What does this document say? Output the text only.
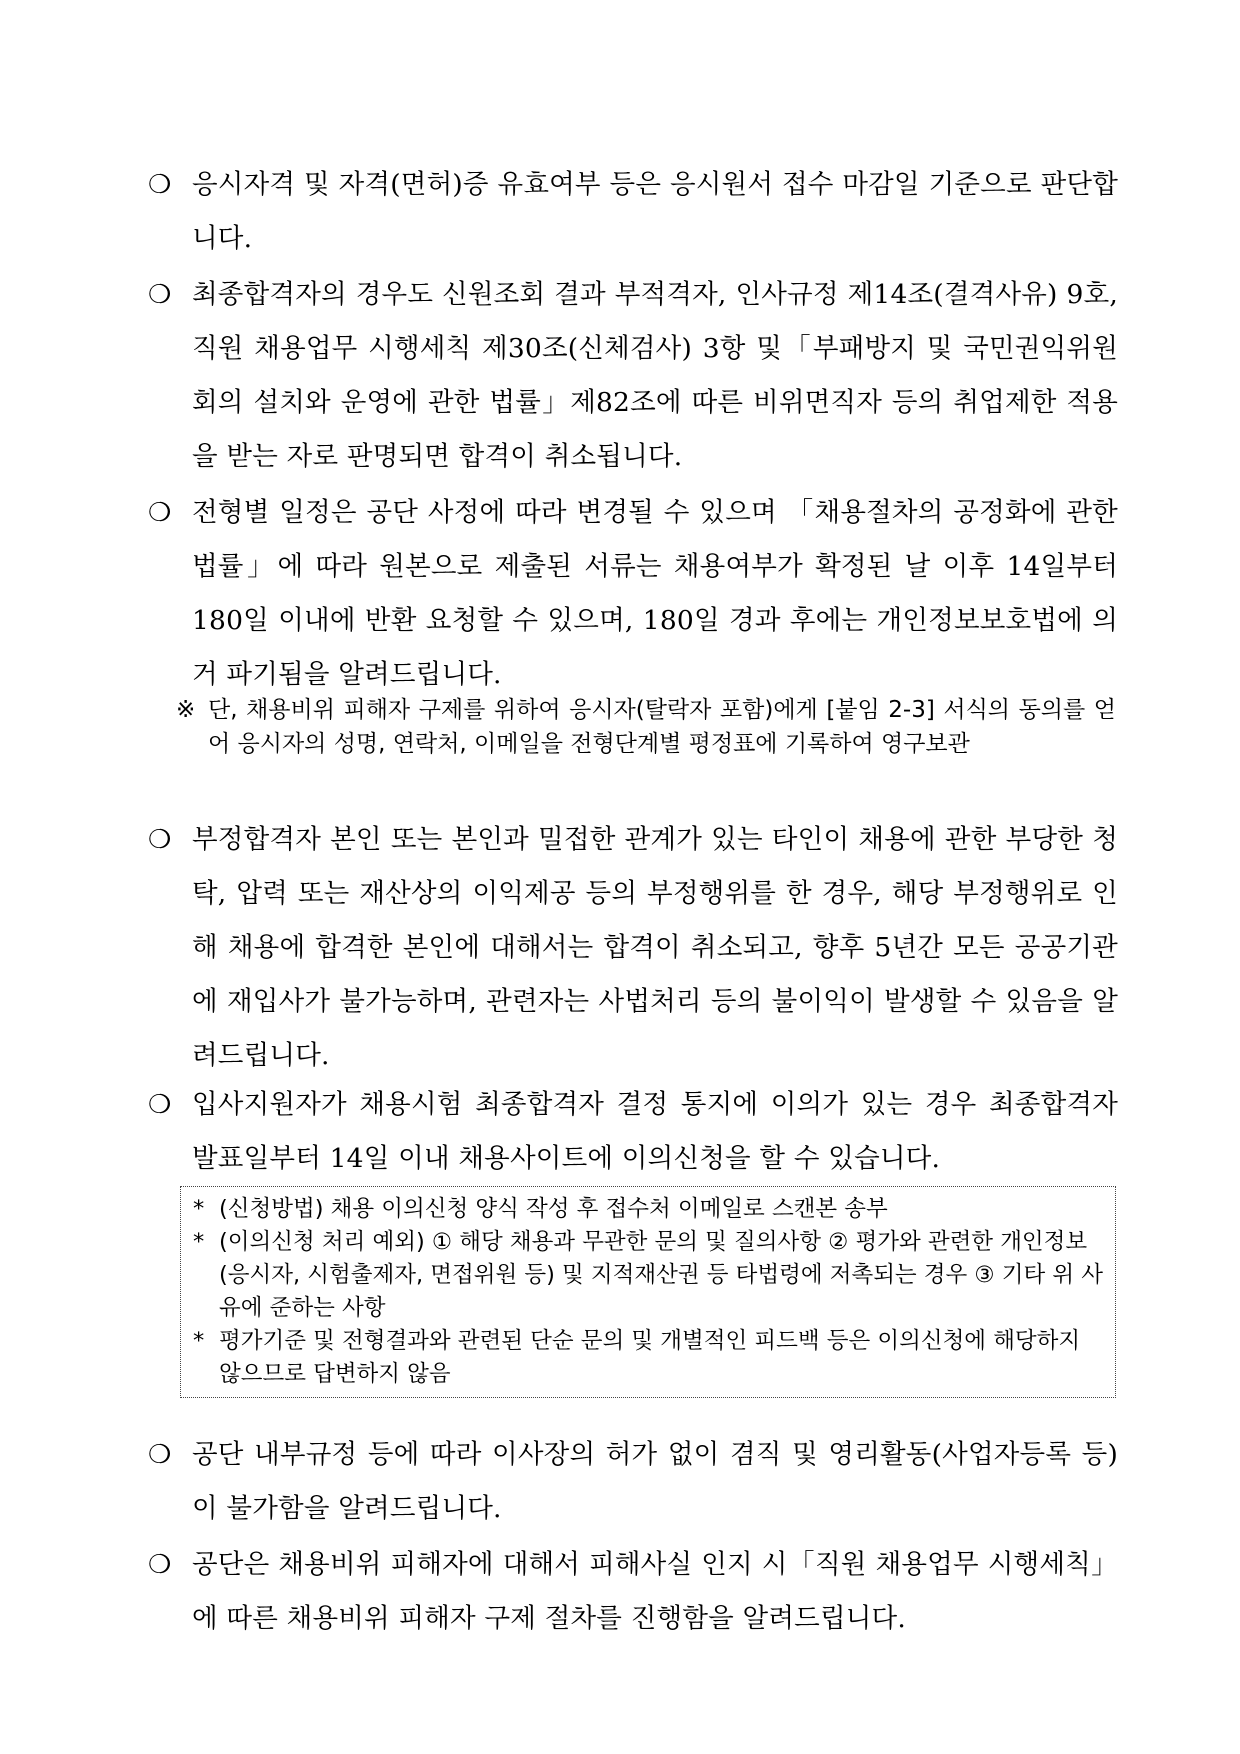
❍ 응시자격 및 자격(면허)증 유효여부 등은 응시원서 접수 마감일 기준으로 판단합니다.

❍ 최종합격자의 경우도 신원조회 결과 부적격자, 인사규정 제14조(결격사유) 9호, 직원 채용업무 시행세칙 제30조(신체검사) 3항 및「부패방지 및 국민권익위원회의 설치와 운영에 관한 법률」제82조에 따른 비위면직자 등의 취업제한 적용을 받는 자로 판명되면 합격이 취소됩니다.

❍ 전형별 일정은 공단 사정에 따라 변경될 수 있으며 「채용절차의 공정화에 관한 법률」에 따라 원본으로 제출된 서류는 채용여부가 확정된 날 이후 14일부터 180일 이내에 반환 요청할 수 있으며, 180일 경과 후에는 개인정보보호법에 의거 파기됨을 알려드립니다.

※ 단, 채용비위 피해자 구제를 위하여 응시자(탈락자 포함)에게 [붙임 2-3] 서식의 동의를 얻어 응시자의 성명, 연락처, 이메일을 전형단계별 평정표에 기록하여 영구보관

❍ 부정합격자 본인 또는 본인과 밀접한 관계가 있는 타인이 채용에 관한 부당한 청탁, 압력 또는 재산상의 이익제공 등의 부정행위를 한 경우, 해당 부정행위로 인해 채용에 합격한 본인에 대해서는 합격이 취소되고, 향후 5년간 모든 공공기관에 재입사가 불가능하며, 관련자는 사법처리 등의 불이익이 발생할 수 있음을 알려드립니다.

❍ 입사지원자가 채용시험 최종합격자 결정 통지에 이의가 있는 경우 최종합격자 발표일부터 14일 이내 채용사이트에 이의신청을 할 수 있습니다.

* (신청방법) 채용 이의신청 양식 작성 후 접수처 이메일로 스캔본 송부
* (이의신청 처리 예외) ① 해당 채용과 무관한 문의 및 질의사항 ② 평가와 관련한 개인정보(응시자, 시험출제자, 면접위원 등) 및 지적재산권 등 타법령에 저촉되는 경우 ③ 기타 위 사유에 준하는 사항
* 평가기준 및 전형결과와 관련된 단순 문의 및 개별적인 피드백 등은 이의신청에 해당하지 않으므로 답변하지 않음
❍ 공단 내부규정 등에 따라 이사장의 허가 없이 겸직 및 영리활동(사업자등록 등)이 불가함을 알려드립니다.

❍ 공단은 채용비위 피해자에 대해서 피해사실 인지 시「직원 채용업무 시행세칙」에 따른 채용비위 피해자 구제 절차를 진행함을 알려드립니다.
